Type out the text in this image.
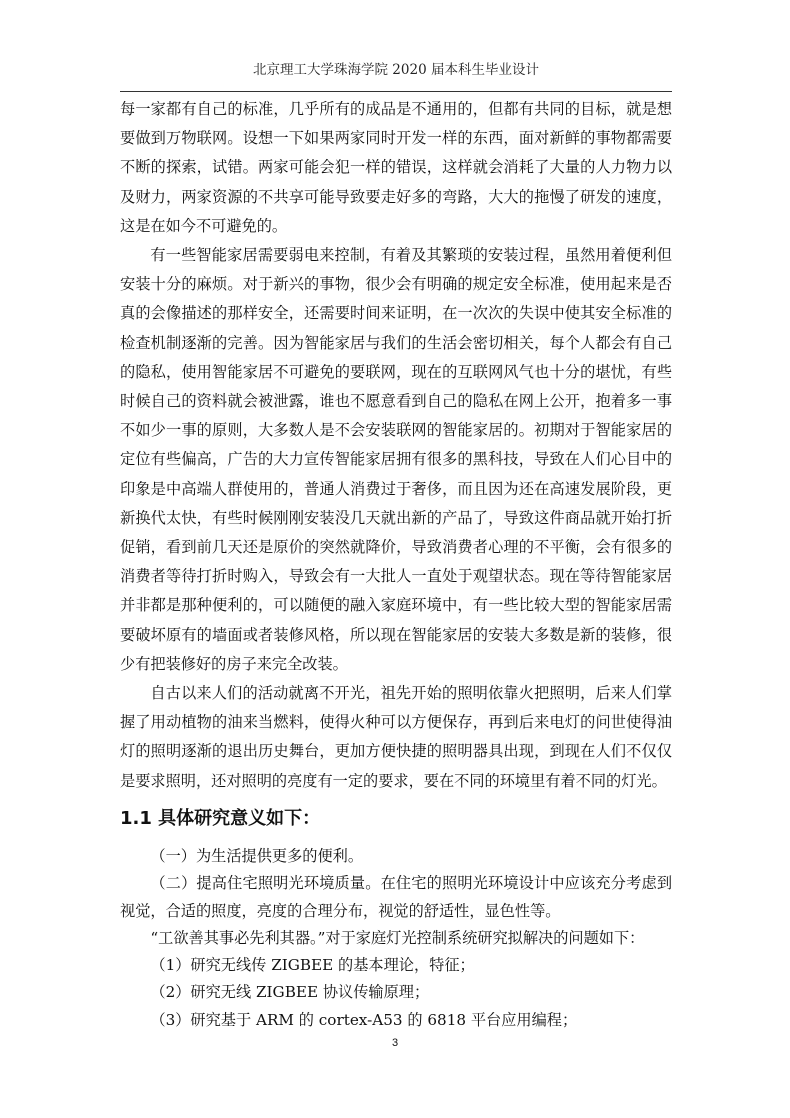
北京理工大学珠海学院 2020 届本科生毕业设计

每一家都有自己的标准，几乎所有的成品是不通用的，但都有共同的目标，就是想要做到万物联网。设想一下如果两家同时开发一样的东西，面对新鲜的事物都需要不断的探索，试错。两家可能会犯一样的错误，这样就会消耗了大量的人力物力以及财力，两家资源的不共享可能导致要走好多的弯路，大大的拖慢了研发的速度，这是在如今不可避免的。

有一些智能家居需要弱电来控制，有着及其繁琐的安装过程，虽然用着便利但安装十分的麻烦。对于新兴的事物，很少会有明确的规定安全标准，使用起来是否真的会像描述的那样安全，还需要时间来证明，在一次次的失误中使其安全标准的检查机制逐渐的完善。因为智能家居与我们的生活会密切相关，每个人都会有自己的隐私，使用智能家居不可避免的要联网，现在的互联网风气也十分的堪忧，有些时候自己的资料就会被泄露，谁也不愿意看到自己的隐私在网上公开，抱着多一事不如少一事的原则，大多数人是不会安装联网的智能家居的。初期对于智能家居的定位有些偏高，广告的大力宣传智能家居拥有很多的黑科技，导致在人们心目中的印象是中高端人群使用的，普通人消费过于奢侈，而且因为还在高速发展阶段，更新换代太快，有些时候刚刚安装没几天就出新的产品了，导致这件商品就开始打折促销，看到前几天还是原价的突然就降价，导致消费者心理的不平衡，会有很多的消费者等待打折时购入，导致会有一大批人一直处于观望状态。现在等待智能家居并非都是那种便利的，可以随便的融入家庭环境中，有一些比较大型的智能家居需要破坏原有的墙面或者装修风格，所以现在智能家居的安装大多数是新的装修，很少有把装修好的房子来完全改装。

自古以来人们的活动就离不开光，祖先开始的照明依靠火把照明，后来人们掌握了用动植物的油来当燃料，使得火种可以方便保存，再到后来电灯的问世使得油灯的照明逐渐的退出历史舞台，更加方便快捷的照明器具出现，到现在人们不仅仅是要求照明，还对照明的亮度有一定的要求，要在不同的环境里有着不同的灯光。

1.1 具体研究意义如下：

（一）为生活提供更多的便利。

（二）提高住宅照明光环境质量。在住宅的照明光环境设计中应该充分考虑到视觉，合适的照度，亮度的合理分布，视觉的舒适性，显色性等。

“工欲善其事必先利其器。”对于家庭灯光控制系统研究拟解决的问题如下：

（1）研究无线传 ZIGBEE 的基本理论，特征；

（2）研究无线 ZIGBEE 协议传输原理；

（3）研究基于 ARM 的 cortex-A53 的 6818 平台应用编程；

3
